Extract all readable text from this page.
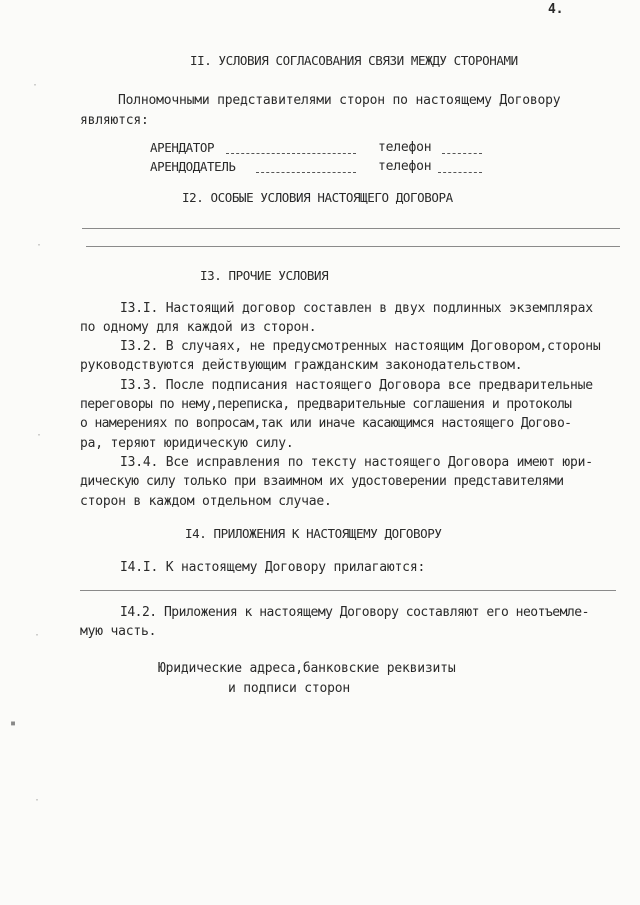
4.
II. УСЛОВИЯ СОГЛАСОВАНИЯ СВЯЗИ МЕЖДУ СТОРОНАМИ
Полномочными представителями сторон по настоящему Договору
являются:
АРЕНДАТОР	телефон
АРЕНДОДАТЕЛЬ	телефон
I2. ОСОБЫЕ УСЛОВИЯ НАСТОЯЩЕГО ДОГОВОРА
I3. ПРОЧИЕ УСЛОВИЯ
I3.I. Настоящий договор составлен в двух подлинных экземплярах
по одному для каждой из сторон.
I3.2. В случаях, не предусмотренных настоящим Договором,стороны
руководствуются действующим гражданским законодательством.
I3.3. После подписания настоящего Договора все предварительные
переговоры по нему,переписка, предварительные соглашения и протоколы
о намерениях по вопросам,так или иначе касающимся настоящего Догово-
ра, теряют юридическую силу.
I3.4. Все исправления по тексту настоящего Договора имеют юри-
дическую силу только при взаимном их удостоверении представителями
сторон в каждом отдельном случае.
I4. ПРИЛОЖЕНИЯ К НАСТОЯЩЕМУ ДОГОВОРУ
I4.I. К настоящему Договору прилагаются:
I4.2. Приложения к настоящему Договору составляют его неотъемле-
мую часть.
Юридические адреса,банковские реквизиты
и подписи сторон
·
·
·
·
▪
·
